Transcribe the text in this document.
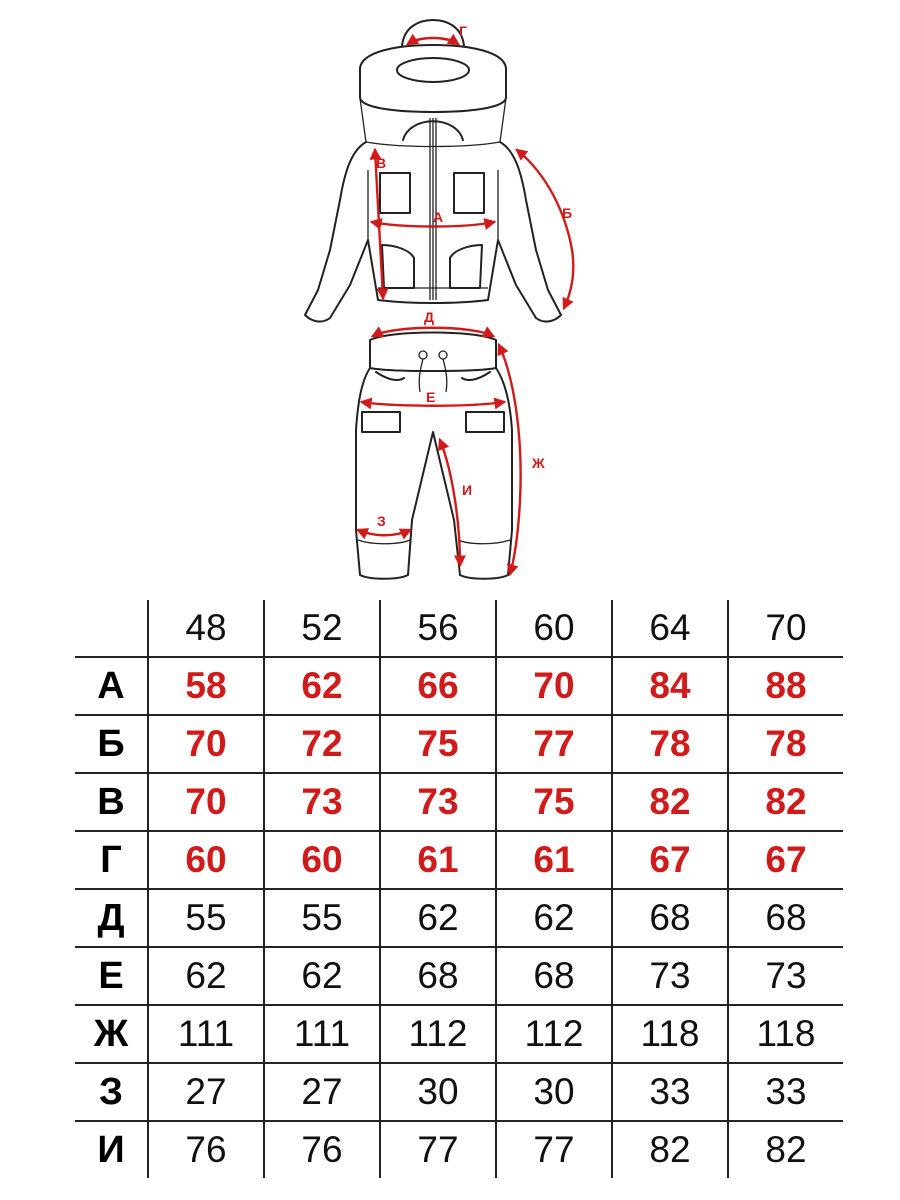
Г
А
В
Б
Д
Е
Ж
И
З
	48	52	56	60	64	70
А	58	62	66	70	84	88
Б	70	72	75	77	78	78
В	70	73	73	75	82	82
Г	60	60	61	61	67	67
Д	55	55	62	62	68	68
Е	62	62	68	68	73	73
Ж	111	111	112	112	118	118
З	27	27	30	30	33	33
И	76	76	77	77	82	82
